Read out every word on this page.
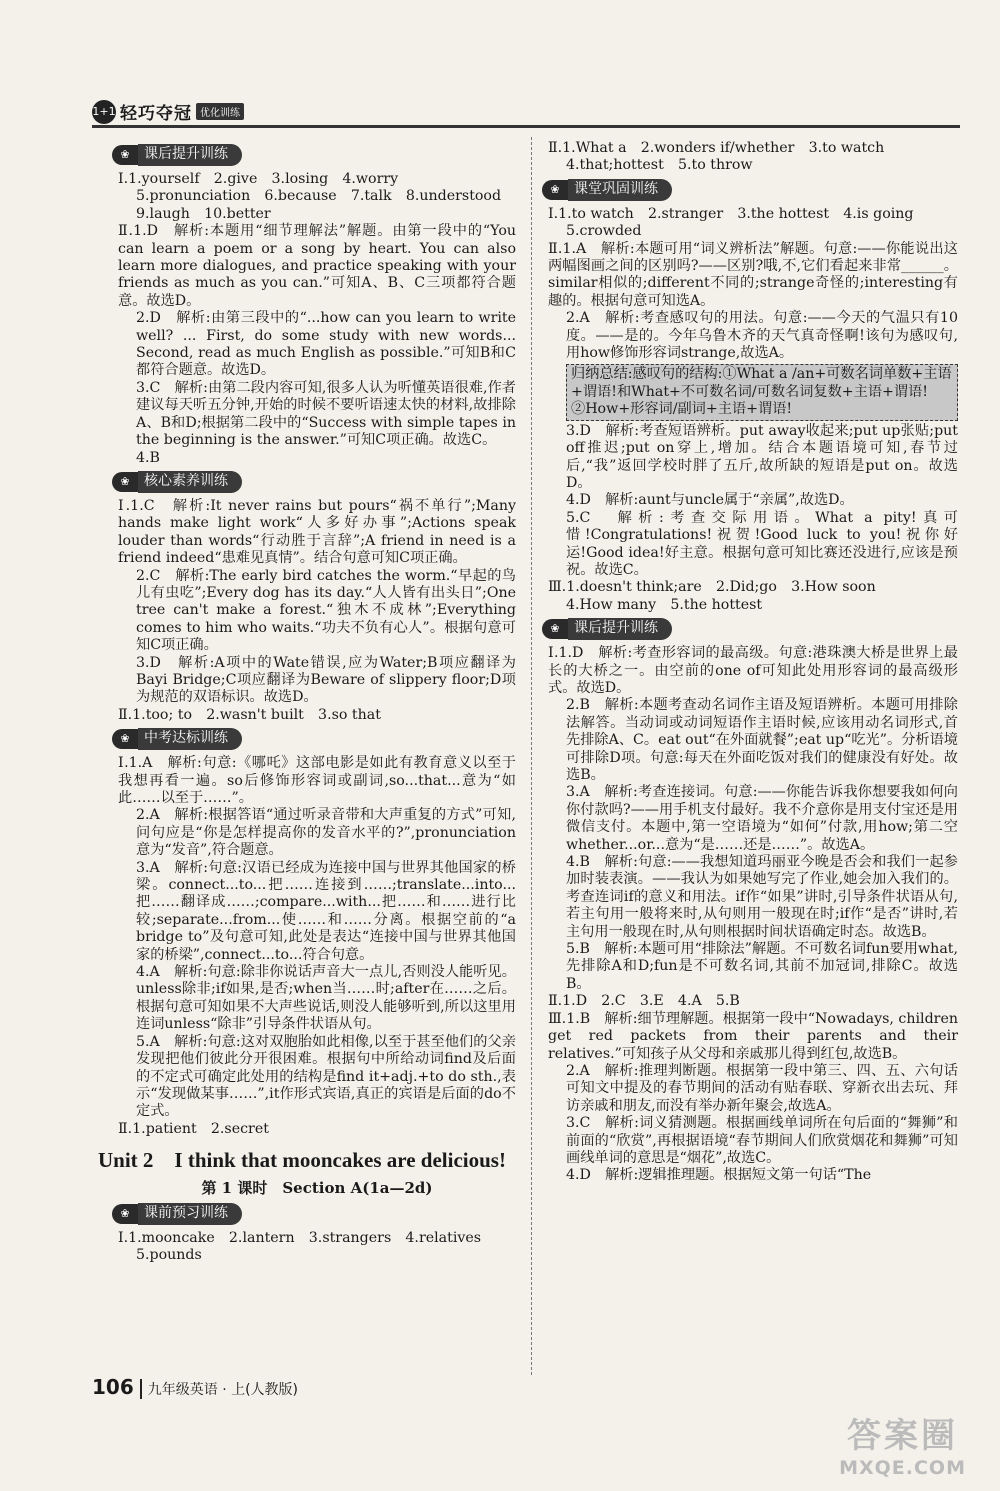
1+1 轻巧夺冠 优化训练
❀	课后提升训练

Ⅰ.1.yourself　2.give　3.losing　4.worry

5.pronunciation　6.because　7.talk　8.understood

9.laugh　10.better

Ⅱ.1.D　解析:本题用“细节理解法”解题。由第一段中的“You can learn a poem or a song by heart. You can also learn more dialogues, and practice speaking with your friends as much as you can.”可知A、B、C三项都符合题意。故选D。

2.D　解析:由第三段中的“...how can you learn to write well? ... First, do some study with new words... Second, read as much English as possible.”可知B和C都符合题意。故选D。

3.C　解析:由第二段内容可知,很多人认为听懂英语很难,作者建议每天听五分钟,开始的时候不要听语速太快的材料,故排除A、B和D;根据第二段中的“Success with simple tapes in the beginning is the answer.”可知C项正确。故选C。

4.B

❀	核心素养训练

Ⅰ.1.C　解析:It never rains but pours“祸不单行”;Many hands make light work“人多好办事”;Actions speak louder than words“行动胜于言辞”;A friend in need is a friend indeed“患难见真情”。结合句意可知C项正确。

2.C　解析:The early bird catches the worm.“早起的鸟儿有虫吃”;Every dog has its day.“人人皆有出头日”;One tree can't make a forest.“独木不成林”;Everything comes to him who waits.“功夫不负有心人”。根据句意可知C项正确。

3.D　解析:A项中的Wate错误,应为Water;B项应翻译为Bayi Bridge;C项应翻译为Beware of slippery floor;D项为规范的双语标识。故选D。

Ⅱ.1.too; to　2.wasn't built　3.so that

❀	中考达标训练

Ⅰ.1.A　解析:句意:《哪吒》这部电影是如此有教育意义以至于我想再看一遍。so后修饰形容词或副词,so...that...意为“如此……以至于……”。

2.A　解析:根据答语“通过听录音带和大声重复的方式”可知,问句应是“你是怎样提高你的发音水平的?”,pronunciation意为“发音”,符合题意。

3.A　解析:句意:汉语已经成为连接中国与世界其他国家的桥梁。connect...to...把……连接到……;translate...into...把……翻译成……;compare...with...把……和……进行比较;separate...from...使……和……分离。根据空前的“a bridge to”及句意可知,此处是表达“连接中国与世界其他国家的桥梁”,connect...to...符合句意。

4.A　解析:句意:除非你说话声音大一点儿,否则没人能听见。unless除非;if如果,是否;when当……时;after在……之后。根据句意可知如果不大声些说话,则没人能够听到,所以这里用连词unless“除非”引导条件状语从句。

5.A　解析:句意:这对双胞胎如此相像,以至于甚至他们的父亲发现把他们彼此分开很困难。根据句中所给动词find及后面的不定式可确定此处用的结构是find it+adj.+to do sth.,表示“发现做某事……”,it作形式宾语,真正的宾语是后面的do不定式。

Ⅱ.1.patient　2.secret

Unit 2　I think that mooncakes are delicious!
第 1 课时　Section A(1a—2d)
❀	课前预习训练

Ⅰ.1.mooncake　2.lantern　3.strangers　4.relatives

5.pounds

Ⅱ.1.What a　2.wonders if/whether　3.to watch

4.that;hottest　5.to throw

❀	课堂巩固训练

Ⅰ.1.to watch　2.stranger　3.the hottest　4.is going

5.crowded

Ⅱ.1.A　解析:本题可用“词义辨析法”解题。句意:——你能说出这两幅图画之间的区别吗?——区别?哦,不,它们看起来非常______。similar相似的;different不同的;strange奇怪的;interesting有趣的。根据句意可知选A。

2.A　解析:考查感叹句的用法。句意:——今天的气温只有10度。——是的。今年乌鲁木齐的天气真奇怪啊!该句为感叹句,用how修饰形容词strange,故选A。

归纳总结:感叹句的结构:①What a /an+可数名词单数+主语+谓语!和What+不可数名词/可数名词复数+主语+谓语!②How+形容词/副词+主语+谓语!

3.D　解析:考查短语辨析。put away收起来;put up张贴;put off推迟;put on穿上,增加。结合本题语境可知,春节过后,“我”返回学校时胖了五斤,故所缺的短语是put on。故选D。

4.D　解析:aunt与uncle属于“亲属”,故选D。

5.C　解析:考查交际用语。What a pity!真可惜!Congratulations!祝贺!Good luck to you!祝你好运!Good idea!好主意。根据句意可知比赛还没进行,应该是预祝。故选C。

Ⅲ.1.doesn't think;are　2.Did;go　3.How soon

4.How many　5.the hottest

❀	课后提升训练

Ⅰ.1.D　解析:考查形容词的最高级。句意:港珠澳大桥是世界上最长的大桥之一。由空前的one of可知此处用形容词的最高级形式。故选D。

2.B　解析:本题考查动名词作主语及短语辨析。本题可用排除法解答。当动词或动词短语作主语时候,应该用动名词形式,首先排除A、C。eat out“在外面就餐”;eat up“吃光”。分析语境可排除D项。句意:每天在外面吃饭对我们的健康没有好处。故选B。

3.A　解析:考查连接词。句意:——你能告诉我你想要我如何向你付款吗?——用手机支付最好。我不介意你是用支付宝还是用微信支付。本题中,第一空语境为“如何”付款,用how;第二空whether...or...意为“是……还是……”。故选A。

4.B　解析:句意:——我想知道玛丽亚今晚是否会和我们一起参加时装表演。——我认为如果她写完了作业,她会加入我们的。考查连词if的意义和用法。if作“如果”讲时,引导条件状语从句,若主句用一般将来时,从句则用一般现在时;if作“是否”讲时,若主句用一般现在时,从句则根据时间状语确定时态。故选B。

5.B　解析:本题可用“排除法”解题。不可数名词fun要用what,先排除A和D;fun是不可数名词,其前不加冠词,排除C。故选B。

Ⅱ.1.D　2.C　3.E　4.A　5.B

Ⅲ.1.B　解析:细节理解题。根据第一段中“Nowadays, children get red packets from their parents and their relatives.”可知孩子从父母和亲戚那儿得到红包,故选B。

2.A　解析:推理判断题。根据第一段中第三、四、五、六句话可知文中提及的春节期间的活动有贴春联、穿新衣出去玩、拜访亲戚和朋友,而没有举办新年聚会,故选A。

3.C　解析:词义猜测题。根据画线单词所在句后面的“舞狮”和前面的“欣赏”,再根据语境“春节期间人们欣赏烟花和舞狮”可知画线单词的意思是“烟花”,故选C。

4.D　解析:逻辑推理题。根据短文第一句话“The

106	九年级英语 · 上(人教版)
答案圈
MXQE.COM
